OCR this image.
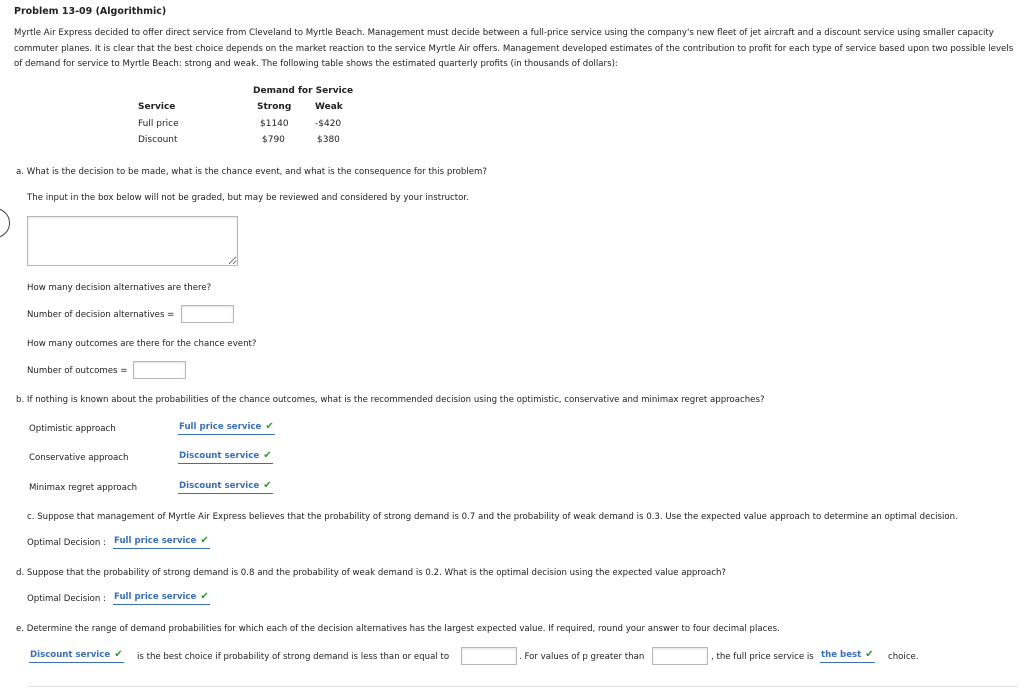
Problem 13-09 (Algorithmic)
Myrtle Air Express decided to offer direct service from Cleveland to Myrtle Beach. Management must decide between a full-price service using the company's new fleet of jet aircraft and a discount service using smaller capacity commuter planes. It is clear that the best choice depends on the market reaction to the service Myrtle Air offers. Management developed estimates of the contribution to profit for each type of service based upon two possible levels of demand for service to Myrtle Beach: strong and weak. The following table shows the estimated quarterly profits (in thousands of dollars):
Demand for Service
Service	Strong	Weak
Full price	$1140	-$420
Discount	$790	$380
a. What is the decision to be made, what is the chance event, and what is the consequence for this problem?
The input in the box below will not be graded, but may be reviewed and considered by your instructor.
How many decision alternatives are there?
Number of decision alternatives =
How many outcomes are there for the chance event?
Number of outcomes =
b. If nothing is known about the probabilities of the chance outcomes, what is the recommended decision using the optimistic, conservative and minimax regret approaches?
Optimistic approach	Full price service ✔
Conservative approach	Discount service ✔
Minimax regret approach	Discount service ✔
c. Suppose that management of Myrtle Air Express believes that the probability of strong demand is 0.7 and the probability of weak demand is 0.3. Use the expected value approach to determine an optimal decision.
Optimal Decision : Full price service ✔
d. Suppose that the probability of strong demand is 0.8 and the probability of weak demand is 0.2. What is the optimal decision using the expected value approach?
Optimal Decision : Full price service ✔
e. Determine the range of demand probabilities for which each of the decision alternatives has the largest expected value. If required, round your answer to four decimal places.
Discount service ✔ is the best choice if probability of strong demand is less than or equal to	. For values of p greater than	, the full price service is the best ✔ choice.
